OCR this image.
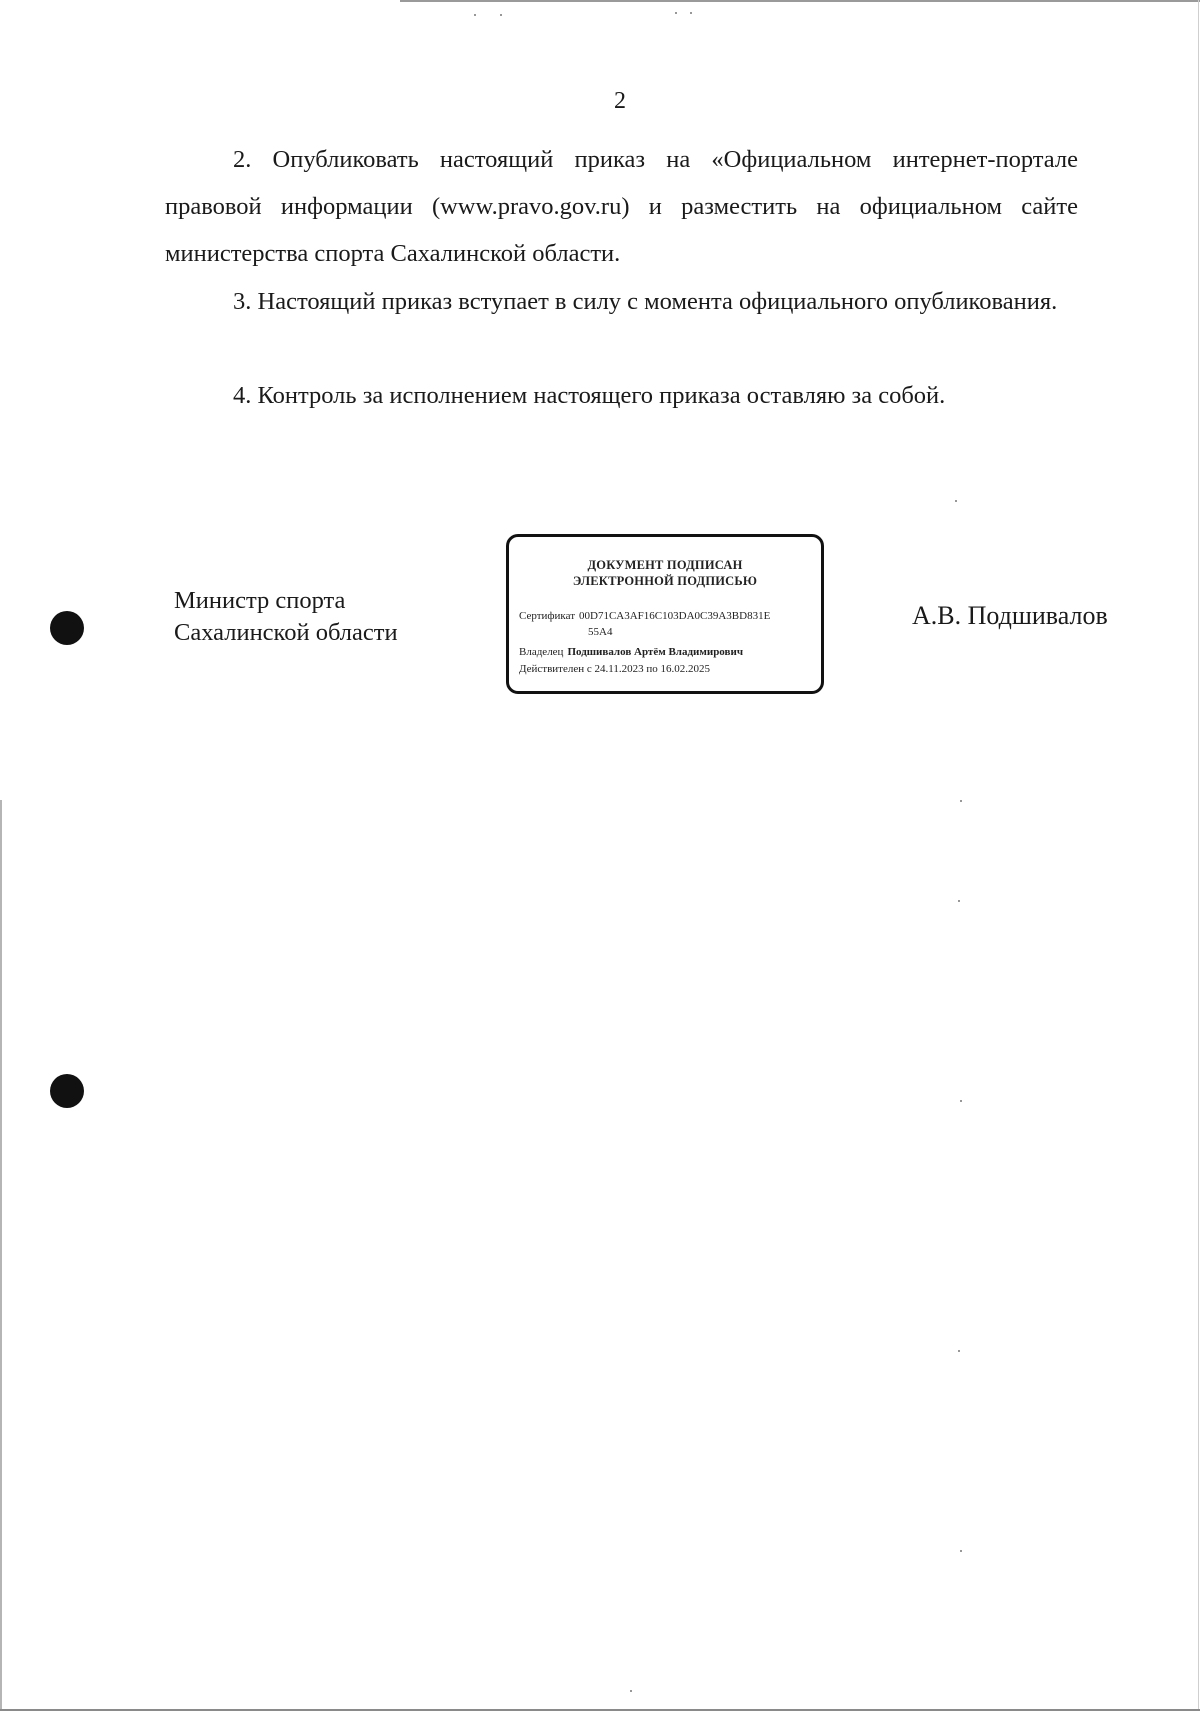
2

2. Опубликовать настоящий приказ на «Официальном интернет-портале правовой информации (www.pravo.gov.ru) и разместить на официальном сайте министерства спорта Сахалинской области.

3. Настоящий приказ вступает в силу с момента официального опубликования.

4. Контроль за исполнением настоящего приказа оставляю за собой.

Министр спорта
Сахалинской области
ДОКУМЕНТ ПОДПИСАН
ЭЛЕКТРОННОЙ ПОДПИСЬЮ
Сертификат 00D71CA3AF16C103DA0C39A3BD831E
55A4
Владелец Подшивалов Артём Владимирович
Действителен с 24.11.2023 по 16.02.2025
А.В. Подшивалов
